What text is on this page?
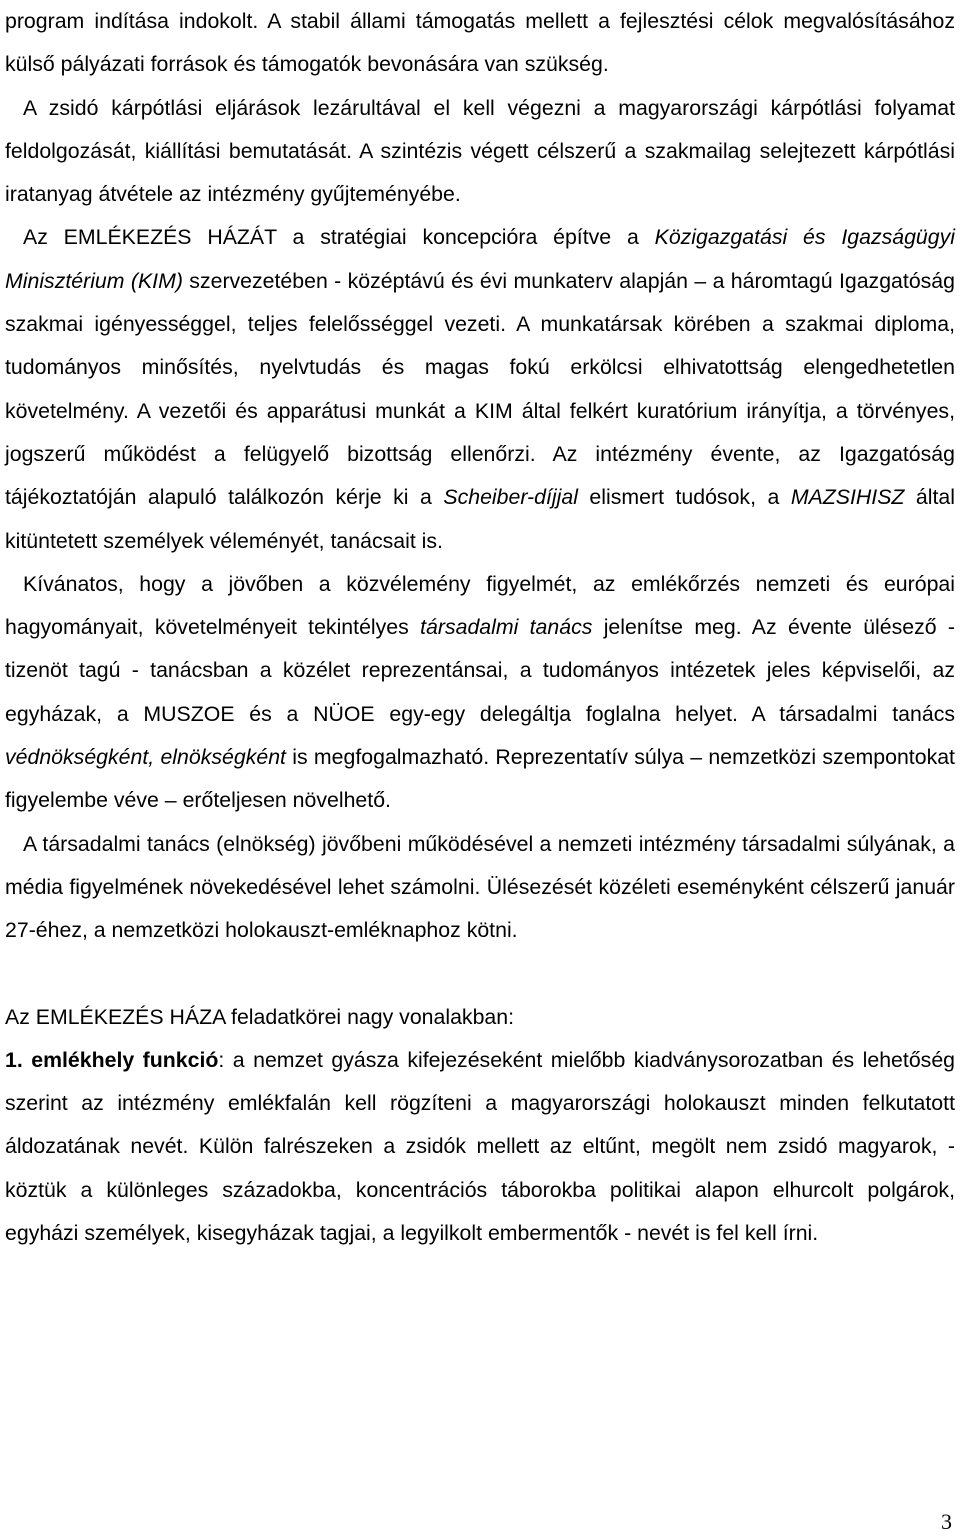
program indítása indokolt. A stabil állami támogatás mellett a fejlesztési célok megvalósításához külső pályázati források és támogatók bevonására van szükség.

A zsidó kárpótlási eljárások lezárultával el kell végezni a magyarországi kárpótlási folyamat feldolgozását, kiállítási bemutatását. A szintézis végett célszerű a szakmailag selejtezett kárpótlási iratanyag átvétele az intézmény gyűjteményébe.

Az EMLÉKEZÉS HÁZÁT a stratégiai koncepcióra építve a Közigazgatási és Igazságügyi Minisztérium (KIM) szervezetében - középtávú és évi munkaterv alapján – a háromtagú Igazgatóság szakmai igényességgel, teljes felelősséggel vezeti. A munkatársak körében a szakmai diploma, tudományos minősítés, nyelvtudás és magas fokú erkölcsi elhivatottság elengedhetetlen követelmény. A vezetői és apparátusi munkát a KIM által felkért kuratórium irányítja, a törvényes, jogszerű működést a felügyelő bizottság ellenőrzi. Az intézmény évente, az Igazgatóság tájékoztatóján alapuló találkozón kérje ki a Scheiber-díjjal elismert tudósok, a MAZSIHISZ által kitüntetett személyek véleményét, tanácsait is.

Kívánatos, hogy a jövőben a közvélemény figyelmét, az emlékőrzés nemzeti és európai hagyományait, követelményeit tekintélyes társadalmi tanács jelenítse meg. Az évente ülésező - tizenöt tagú - tanácsban a közélet reprezentánsai, a tudományos intézetek jeles képviselői, az egyházak, a MUSZOE és a NÜOE egy-egy delegáltja foglalna helyet. A társadalmi tanács védnökségként, elnökségként is megfogalmazható. Reprezentatív súlya – nemzetközi szempontokat figyelembe véve – erőteljesen növelhető.

A társadalmi tanács (elnökség) jövőbeni működésével a nemzeti intézmény társadalmi súlyának, a média figyelmének növekedésével lehet számolni. Ülésezését közéleti eseményként célszerű január 27-éhez, a nemzetközi holokauszt-emléknaphoz kötni.

Az EMLÉKEZÉS HÁZA feladatkörei nagy vonalakban:

1. emlékhely funkció: a nemzet gyásza kifejezéseként mielőbb kiadványsorozatban és lehetőség szerint az intézmény emlékfalán kell rögzíteni a magyarországi holokauszt minden felkutatott áldozatának nevét. Külön falrészeken a zsidók mellett az eltűnt, megölt nem zsidó magyarok, - köztük a különleges századokba, koncentrációs táborokba politikai alapon elhurcolt polgárok, egyházi személyek, kisegyházak tagjai, a legyilkolt embermentők - nevét is fel kell írni.

3
